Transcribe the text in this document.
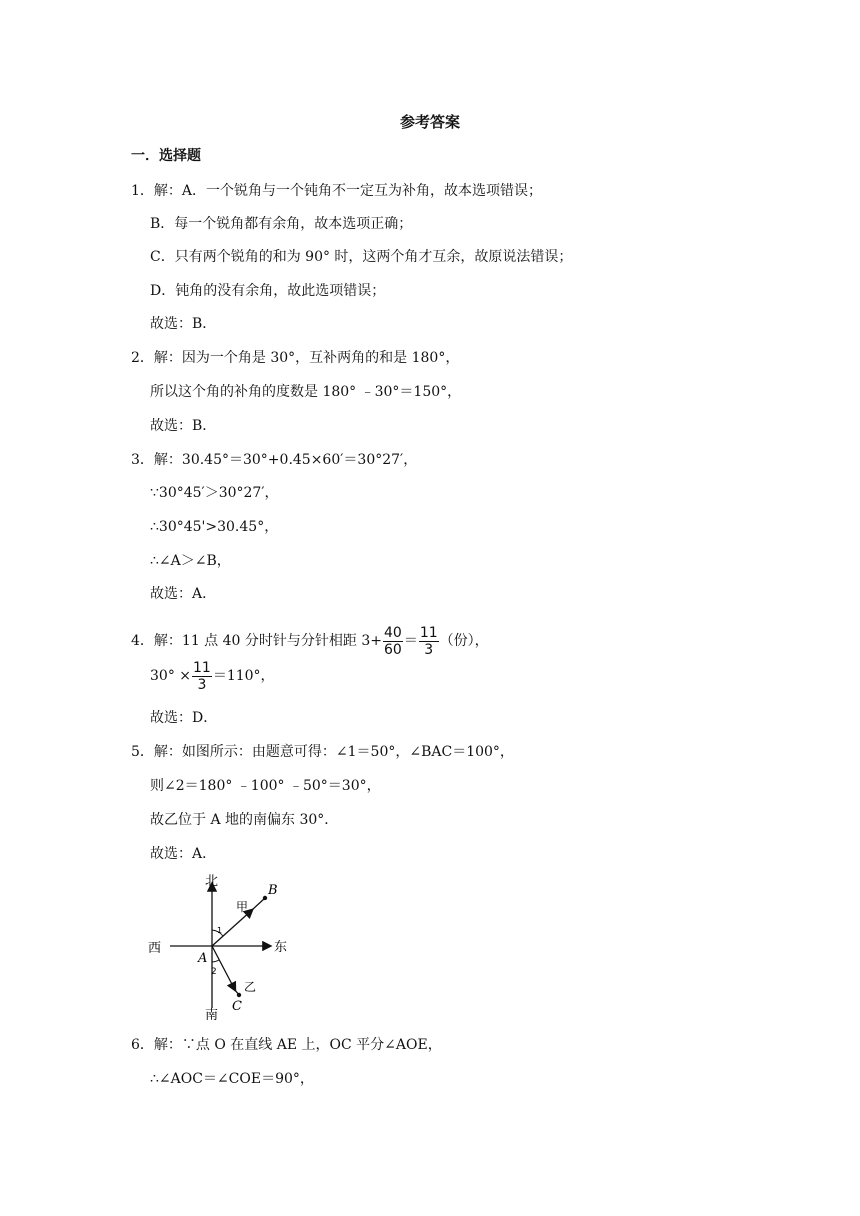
参考答案
一．选择题
1．解：A．一个锐角与一个钝角不一定互为补角，故本选项错误；
B．每一个锐角都有余角，故本选项正确；
C．只有两个锐角的和为 90° 时，这两个角才互余，故原说法错误；
D．钝角的没有余角，故此选项错误；
故选：B．
2．解：因为一个角是 30°，互补两角的和是 180°，
所以这个角的补角的度数是 180° ﹣30°＝150°，
故选：B．
3．解：30.45°＝30°+0.45×60′＝30°27′，
∵30°45′＞30°27′，
∴30°45'>30.45°，
∴∠A＞∠B，
故选：A．
4．解：11 点 40 分时针与分针相距 $3+ \frac{40}{60} = \frac{11}{3}$ （份），
$30^\circ \times \frac{11}{3} =110^\circ$，
故选：D．
5．解：如图所示：由题意可得：∠1＝50°，∠BAC＝100°，
则∠2＝180° ﹣100° ﹣50°＝30°，
故乙位于 A 地的南偏东 30°．
故选：A．
北
南
东
西
甲
乙
A
B
C
1
2
6．解：∵点 O 在直线 AE 上，OC 平分∠AOE，
∴∠AOC＝∠COE＝90°，
